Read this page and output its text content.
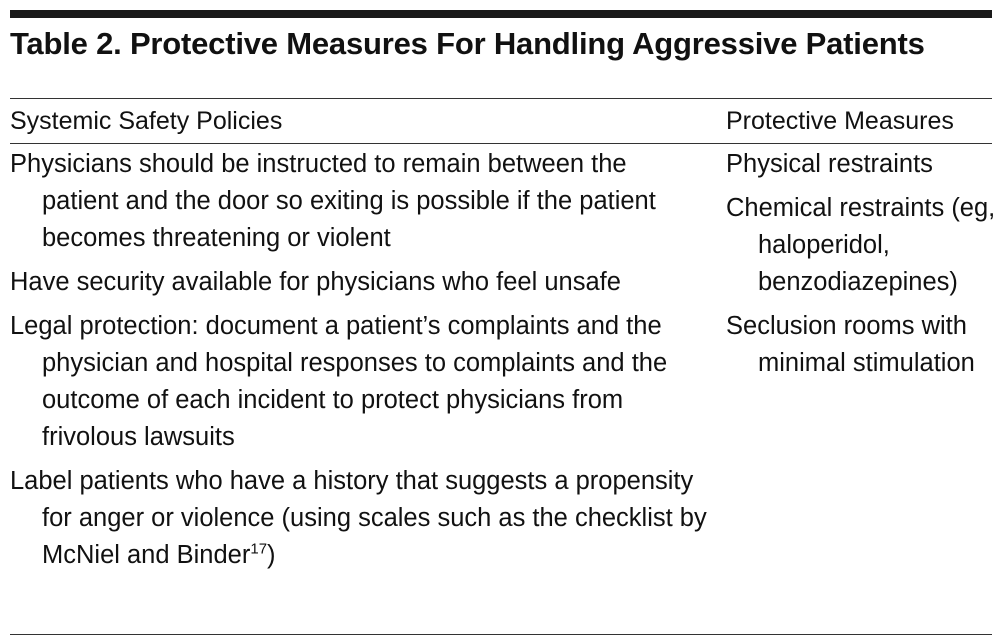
Table 2. Protective Measures For Handling Aggressive Patients
Systemic Safety Policies	Protective Measures
Physicians should be instructed to remain between the patient and the door so exiting is possible if the patient becomes threatening or violent
Have security available for physicians who feel unsafe
Legal protection: document a patient’s complaints and the physician and hospital responses to complaints and the outcome of each incident to protect physicians from frivolous lawsuits
Label patients who have a history that suggests a propensity for anger or violence (using scales such as the checklist by McNiel and Binder$^{17}$)
Physical restraints
Chemical restraints (eg, haloperidol, benzodiazepines)
Seclusion rooms with minimal stimulation
